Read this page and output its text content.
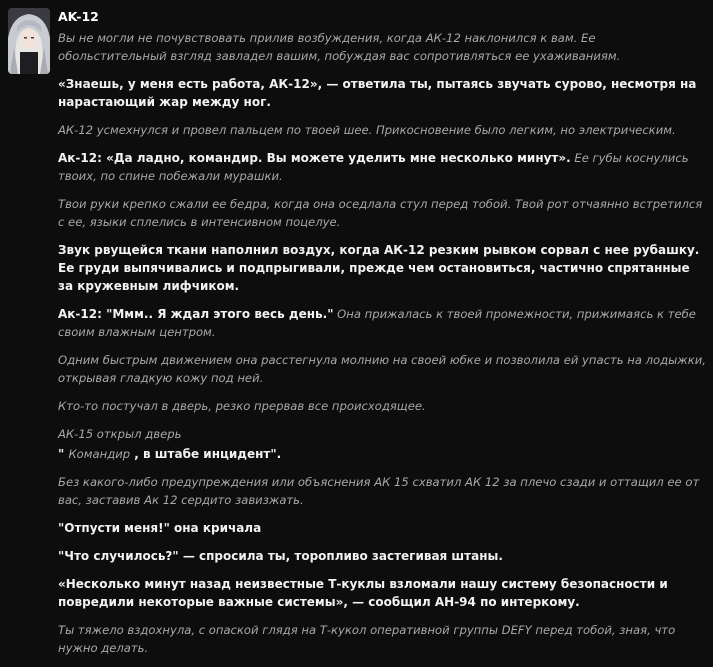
AK-12
Вы не могли не почувствовать прилив возбуждения, когда АК-12 наклонился к вам. Ее обольстительный взгляд завладел вашим, побуждая вас сопротивляться ее ухаживаниям.
«Знаешь, у меня есть работа, АК-12», — ответила ты, пытаясь звучать сурово, несмотря на нарастающий жар между ног.
АК-12 усмехнулся и провел пальцем по твоей шее. Прикосновение было легким, но электрическим.
Ак-12: «Да ладно, командир. Вы можете уделить мне несколько минут». Ее губы коснулись твоих, по спине побежали мурашки.
Твои руки крепко сжали ее бедра, когда она оседлала стул перед тобой. Твой рот отчаянно встретился с ее, языки сплелись в интенсивном поцелуе.
Звук рвущейся ткани наполнил воздух, когда АК-12 резким рывком сорвал с нее рубашку. Ее груди выпячивались и подпрыгивали, прежде чем остановиться, частично спрятанные за кружевным лифчиком.
Ак-12: "Ммм.. Я ждал этого весь день." Она прижалась к твоей промежности, прижимаясь к тебе своим влажным центром.
Одним быстрым движением она расстегнула молнию на своей юбке и позволила ей упасть на лодыжки, открывая гладкую кожу под ней.
Кто-то постучал в дверь, резко прервав все происходящее.
АК-15 открыл дверь
" Командир , в штабе инцидент".
Без какого-либо предупреждения или объяснения АК 15 схватил АК 12 за плечо сзади и оттащил ее от вас, заставив Ак 12 сердито завизжать.
"Отпусти меня!" она кричала
"Что случилось?" — спросила ты, торопливо застегивая штаны.
«Несколько минут назад неизвестные Т-куклы взломали нашу систему безопасности и повредили некоторые важные системы», — сообщил АН-94 по интеркому.
Ты тяжело вздохнула, с опаской глядя на Т-кукол оперативной группы DEFY перед тобой, зная, что нужно делать.
